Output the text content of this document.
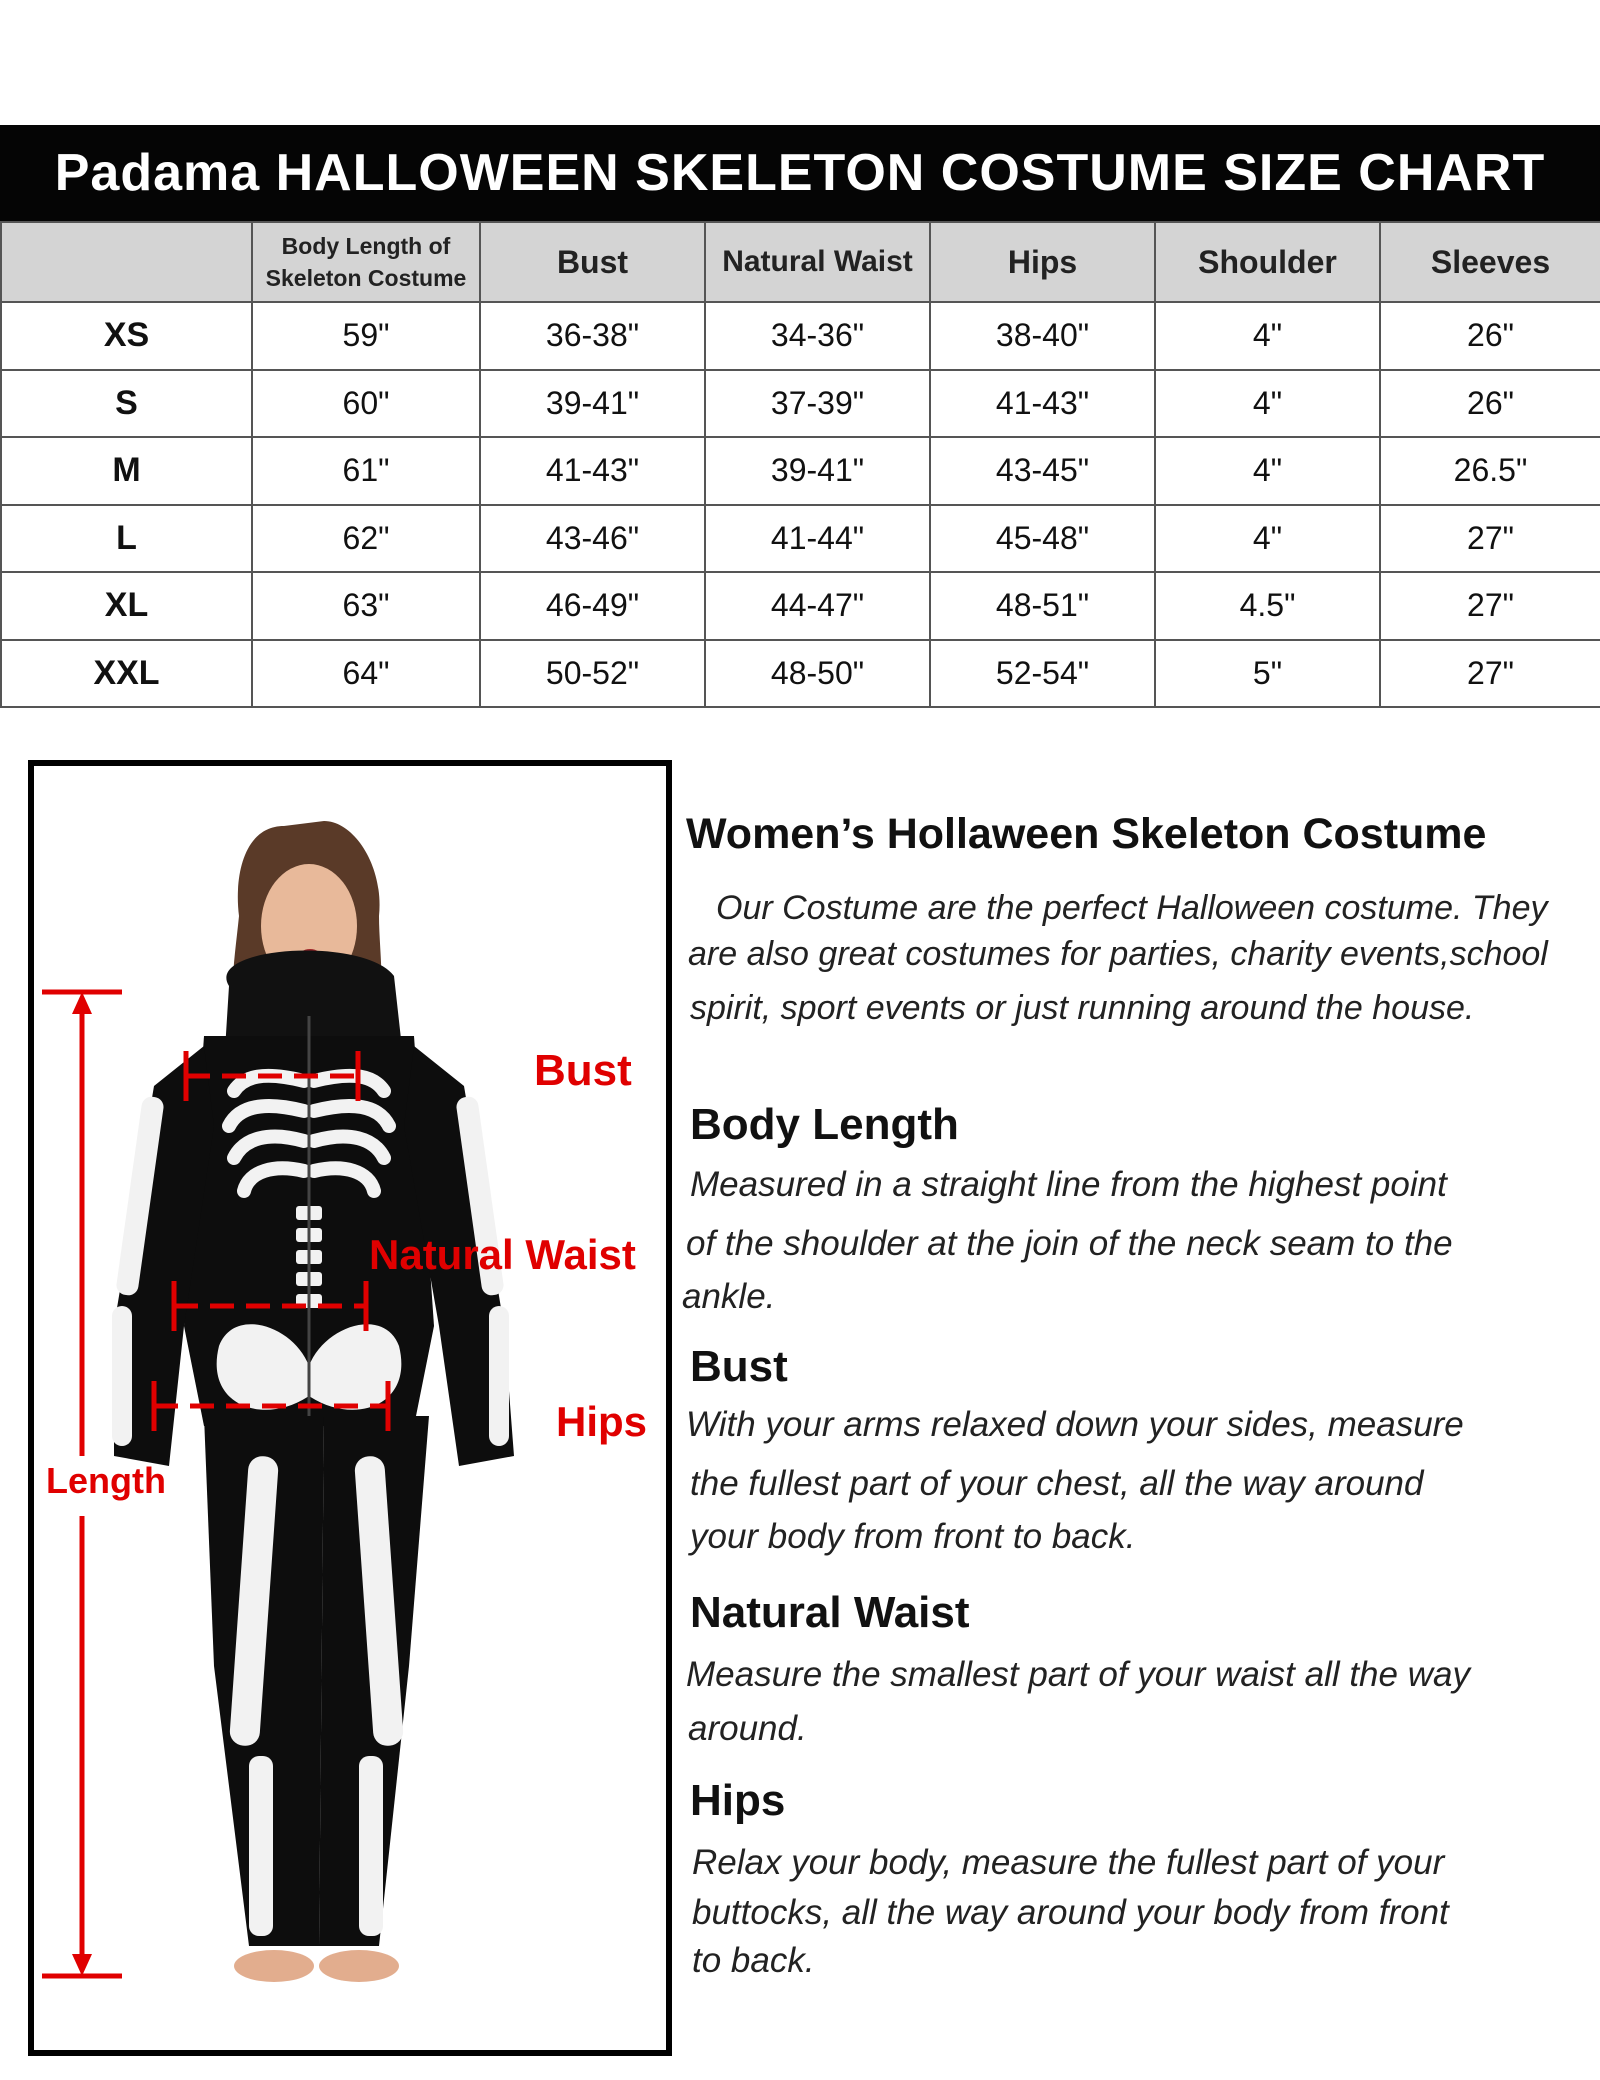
Padama HALLOWEEN SKELETON COSTUME SIZE CHART

	Body Length of
Skeleton Costume	Bust	Natural Waist	Hips	Shoulder	Sleeves
XS	59"	36-38"	34-36"	38-40"	4"	26"
S	60"	39-41"	37-39"	41-43"	4"	26"
M	61"	41-43"	39-41"	43-45"	4"	26.5"
L	62"	43-46"	41-44"	45-48"	4"	27"
XL	63"	46-49"	44-47"	48-51"	4.5"	27"
XXL	64"	50-52"	48-50"	52-54"	5"	27"
Bust
Natural Waist
Hips
Length
Women’s Hollaween Skeleton Costume
Our Costume are the perfect Halloween costume. They
are also great costumes for parties, charity events,school
spirit, sport events or just running around the house.
Body Length
Measured in a straight line from the highest point
of the shoulder at the join of the neck seam to the
ankle.
Bust
With your arms relaxed down your sides, measure
the fullest part of your chest, all the way around
your body from front to back.
Natural Waist
Measure the smallest part of your waist all the way
around.
Hips
Relax your body, measure the fullest part of your
buttocks, all the way around your body from front
to back.
